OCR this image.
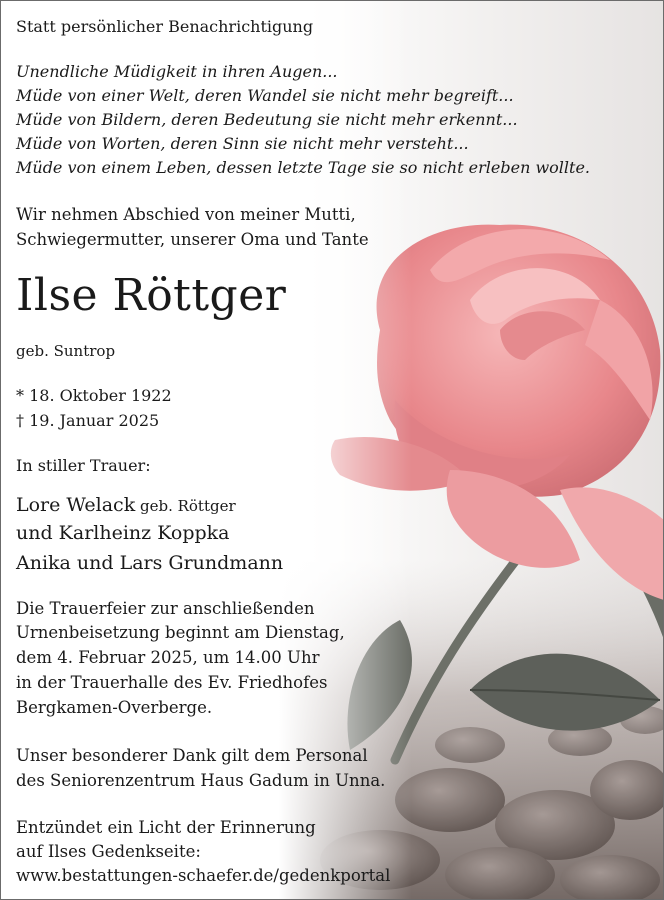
Statt persönlicher Benachrichtigung
Unendliche Müdigkeit in ihren Augen...
Müde von einer Welt, deren Wandel sie nicht mehr begreift...
Müde von Bildern, deren Bedeutung sie nicht mehr erkennt...
Müde von Worten, deren Sinn sie nicht mehr versteht...
Müde von einem Leben, dessen letzte Tage sie so nicht erleben wollte.
Wir nehmen Abschied von meiner Mutti,
Schwiegermutter, unserer Oma und Tante
Ilse Röttger
geb. Suntrop
* 18. Oktober 1922
† 19. Januar 2025
In stiller Trauer:
Lore Welack geb. Röttger
und Karlheinz Koppka
Anika und Lars Grundmann
Die Trauerfeier zur anschließenden
Urnenbeisetzung beginnt am Dienstag,
dem 4. Februar 2025, um 14.00 Uhr
in der Trauerhalle des Ev. Friedhofes
Bergkamen-Overberge.
Unser besonderer Dank gilt dem Personal
des Seniorenzentrum Haus Gadum in Unna.
Entzündet ein Licht der Erinnerung
auf Ilses Gedenkseite:
www.bestattungen-schaefer.de/gedenkportal
